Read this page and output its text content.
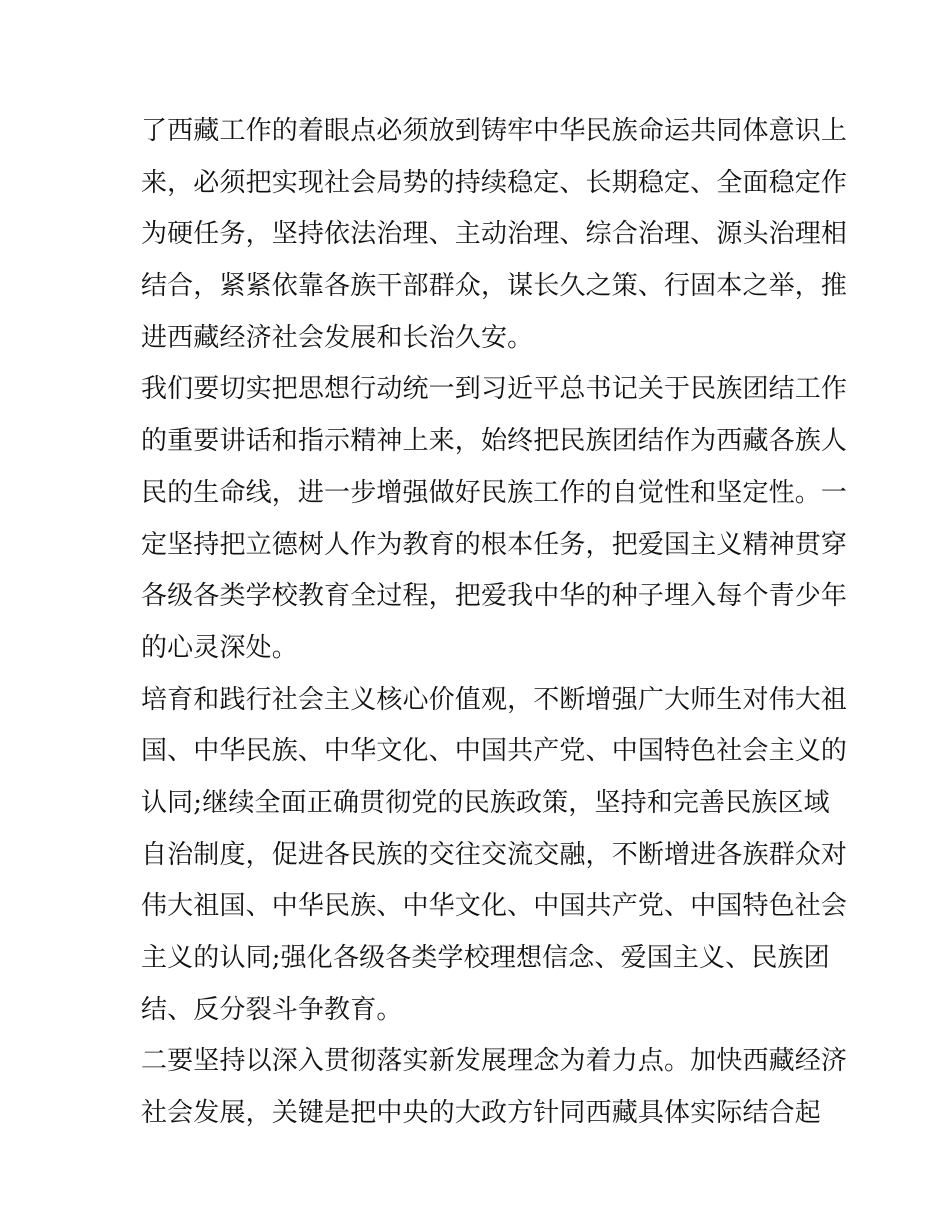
了西藏工作的着眼点必须放到铸牢中华民族命运共同体意识上
来，必须把实现社会局势的持续稳定、长期稳定、全面稳定作
为硬任务，坚持依法治理、主动治理、综合治理、源头治理相
结合，紧紧依靠各族干部群众，谋长久之策、行固本之举，推
进西藏经济社会发展和长治久安。
我们要切实把思想行动统一到习近平总书记关于民族团结工作
的重要讲话和指示精神上来，始终把民族团结作为西藏各族人
民的生命线，进一步增强做好民族工作的自觉性和坚定性。一
定坚持把立德树人作为教育的根本任务，把爱国主义精神贯穿
各级各类学校教育全过程，把爱我中华的种子埋入每个青少年
的心灵深处。
培育和践行社会主义核心价值观，不断增强广大师生对伟大祖
国、中华民族、中华文化、中国共产党、中国特色社会主义的
认同;继续全面正确贯彻党的民族政策，坚持和完善民族区域
自治制度，促进各民族的交往交流交融，不断增进各族群众对
伟大祖国、中华民族、中华文化、中国共产党、中国特色社会
主义的认同;强化各级各类学校理想信念、爱国主义、民族团
结、反分裂斗争教育。
二要坚持以深入贯彻落实新发展理念为着力点。加快西藏经济
社会发展，关键是把中央的大政方针同西藏具体实际结合起
